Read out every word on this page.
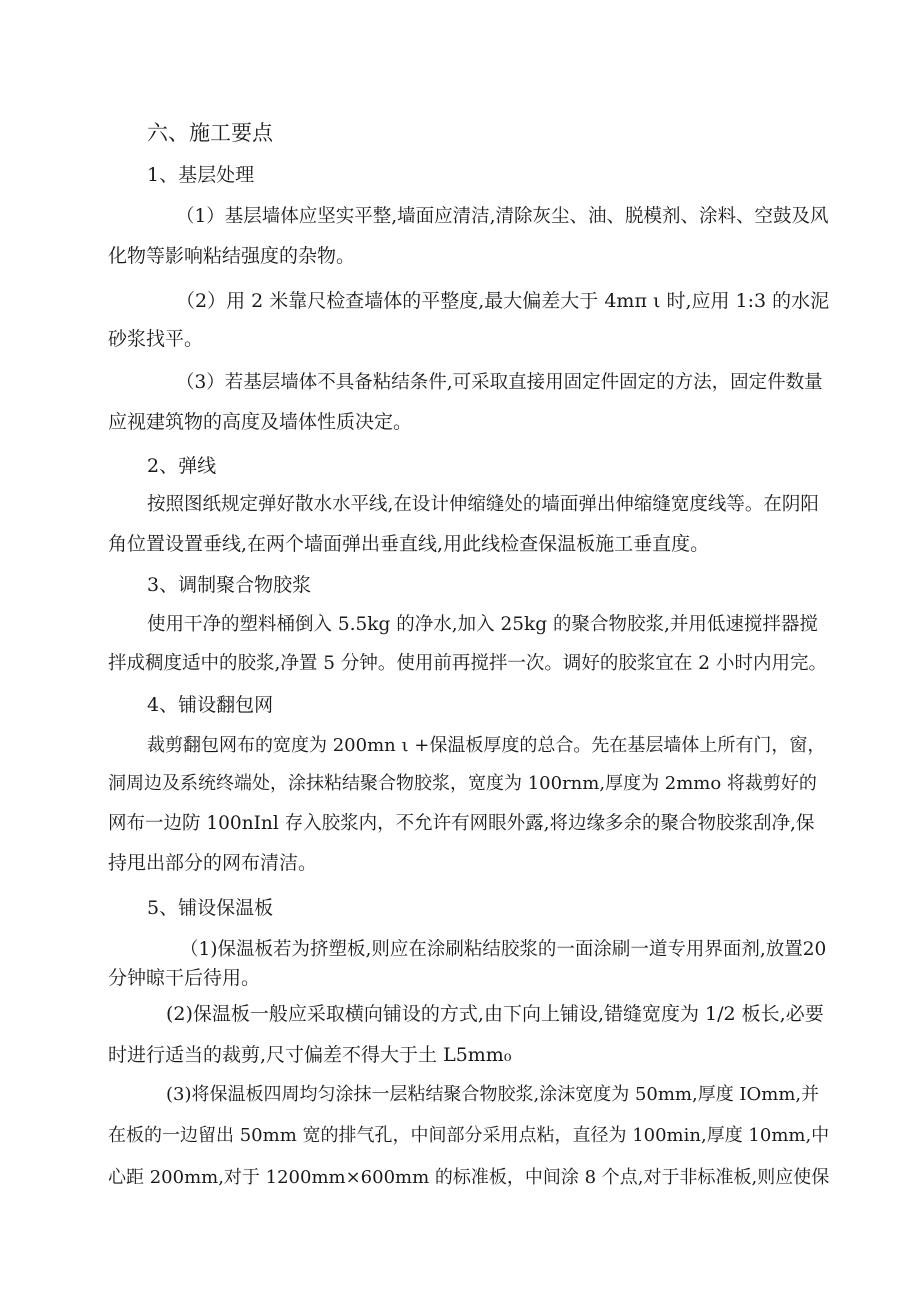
六、施工要点

1、基层处理

（1）基层墙体应坚实平整,墙面应清洁,清除灰尘、油、脱模剂、涂料、空鼓及风

化物等影响粘结强度的杂物。

（2）用 2 米靠尺检查墙体的平整度,最大偏差大于 4mπ ι 时,应用 1:3 的水泥

砂浆找平。

（3）若基层墙体不具备粘结条件,可采取直接用固定件固定的方法，固定件数量

应视建筑物的高度及墙体性质决定。

2、弹线

按照图纸规定弹好散水水平线,在设计伸缩缝处的墙面弹出伸缩缝宽度线等。在阴阳

角位置设置垂线,在两个墙面弹出垂直线,用此线检查保温板施工垂直度。

3、调制聚合物胶浆

使用干净的塑料桶倒入 5.5kg 的净水,加入 25kg 的聚合物胶浆,并用低速搅拌器搅

拌成稠度适中的胶浆,净置 5 分钟。使用前再搅拌一次。调好的胶浆宜在 2 小时内用完。

4、铺设翻包网

裁剪翻包网布的宽度为 200mn ι +保温板厚度的总合。先在基层墙体上所有门，窗，

洞周边及系统终端处，涂抹粘结聚合物胶浆，宽度为 100rnm,厚度为 2mmo 将裁剪好的

网布一边防 100nInl 存入胶浆内，不允许有网眼外露,将边缘多余的聚合物胶浆刮净,保

持甩出部分的网布清洁。

5、铺设保温板

（1)保温板若为挤塑板,则应在涂刷粘结胶浆的一面涂刷一道专用界面剂,放置20

分钟晾干后待用。

(2)保温板一般应采取横向铺设的方式,由下向上铺设,错缝宽度为 1/2 板长,必要

时进行适当的裁剪,尺寸偏差不得大于土 L5mm₀

(3)将保温板四周均匀涂抹一层粘结聚合物胶浆,涂沫宽度为 50mm,厚度 IOmm,并

在板的一边留出 50mm 宽的排气孔，中间部分采用点粘，直径为 100min,厚度 10mm,中

心距 200mm,对于 1200mm×600mm 的标准板，中间涂 8 个点,对于非标准板,则应使保
